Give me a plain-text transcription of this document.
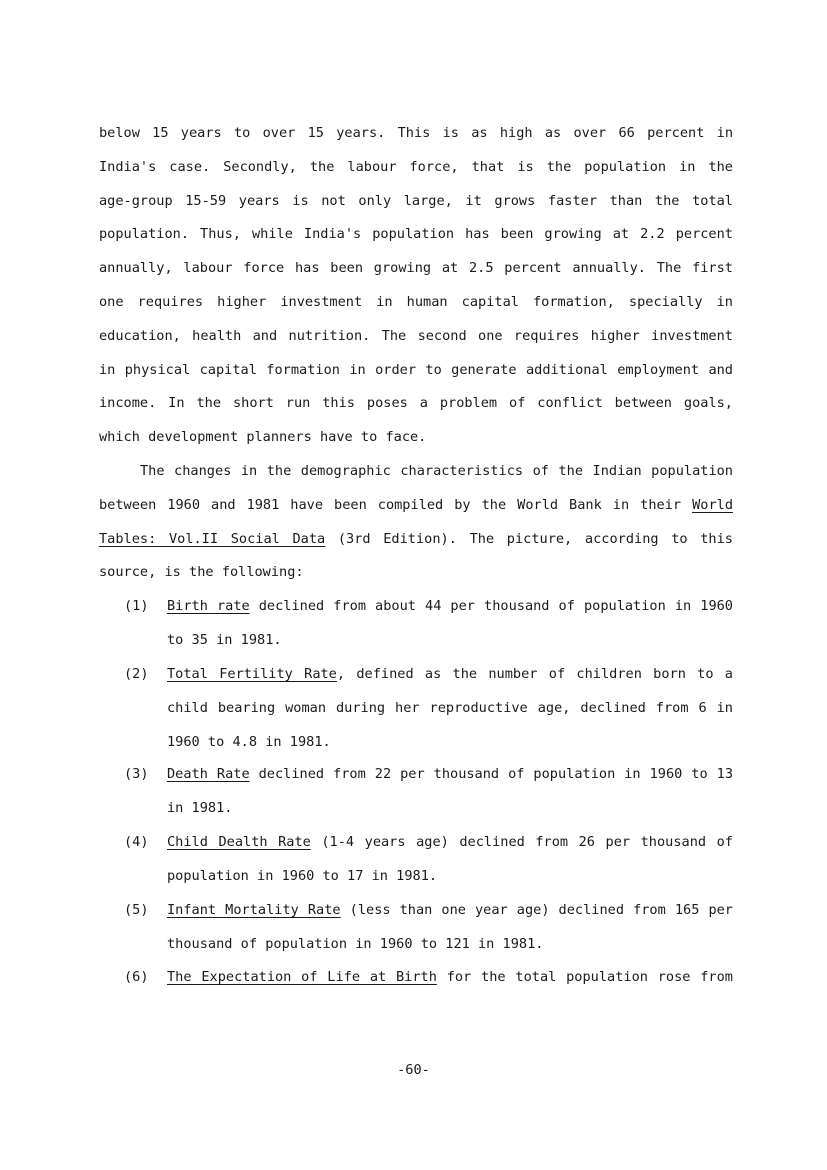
below 15 years to over 15 years. This is as high as over 66 percent in
India's case. Secondly, the labour force, that is the population in the
age-group 15-59 years is not only large, it grows faster than the total
population. Thus, while India's population has been growing at 2.2 percent
annually, labour force has been growing at 2.5 percent annually. The first
one requires higher investment in human capital formation, specially in
education, health and nutrition. The second one requires higher investment
in physical capital formation in order to generate additional employment and
income. In the short run this poses a problem of conflict between goals,
which development planners have to face.
The changes in the demographic characteristics of the Indian population
between 1960 and 1981 have been compiled by the World Bank in their World
Tables: Vol.II Social Data (3rd Edition). The picture, according to this
source, is the following:
(1)	Birth rate declined from about 44 per thousand of population in 1960
to 35 in 1981.
(2)	Total Fertility Rate, defined as the number of children born to a
child bearing woman during her reproductive age, declined from 6 in
1960 to 4.8 in 1981.
(3)	Death Rate declined from 22 per thousand of population in 1960 to 13
in 1981.
(4)	Child Dealth Rate (1-4 years age) declined from 26 per thousand of
population in 1960 to 17 in 1981.
(5)	Infant Mortality Rate (less than one year age) declined from 165 per
thousand of population in 1960 to 121 in 1981.
(6)	The Expectation of Life at Birth for the total population rose from
-60-
